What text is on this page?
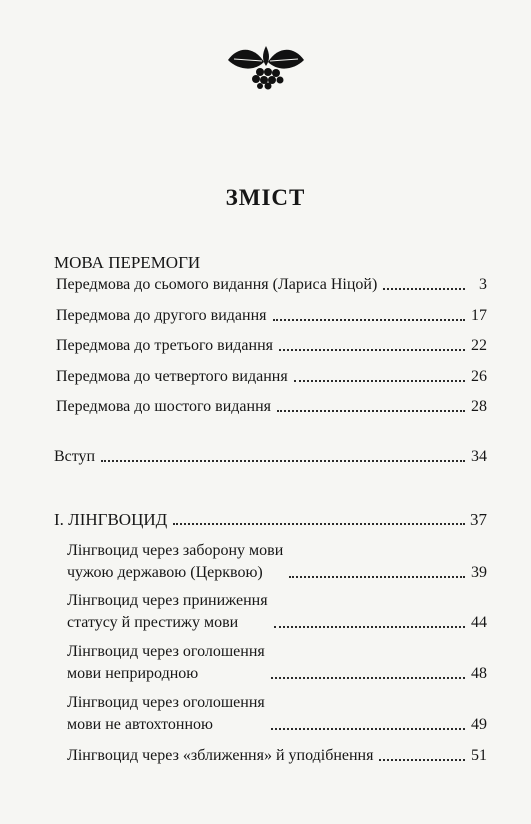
ЗМІСТ
МОВА ПЕРЕМОГИ
Передмова до сьомого видання (Лариса Ніцой)	3
Передмова до другого видання	17
Передмова до третього видання	22
Передмова до четвертого видання	26
Передмова до шостого видання	28
Вступ	34
І. ЛІНГВОЦИД	37
Лінгвоцид через заборону мови
чужою державою (Церквою)	39
Лінгвоцид через приниження
статусу й престижу мови	44
Лінгвоцид через оголошення
мови неприродною	48
Лінгвоцид через оголошення
мови не автохтонною	49
Лінгвоцид через «зближення» й уподібнення	51
